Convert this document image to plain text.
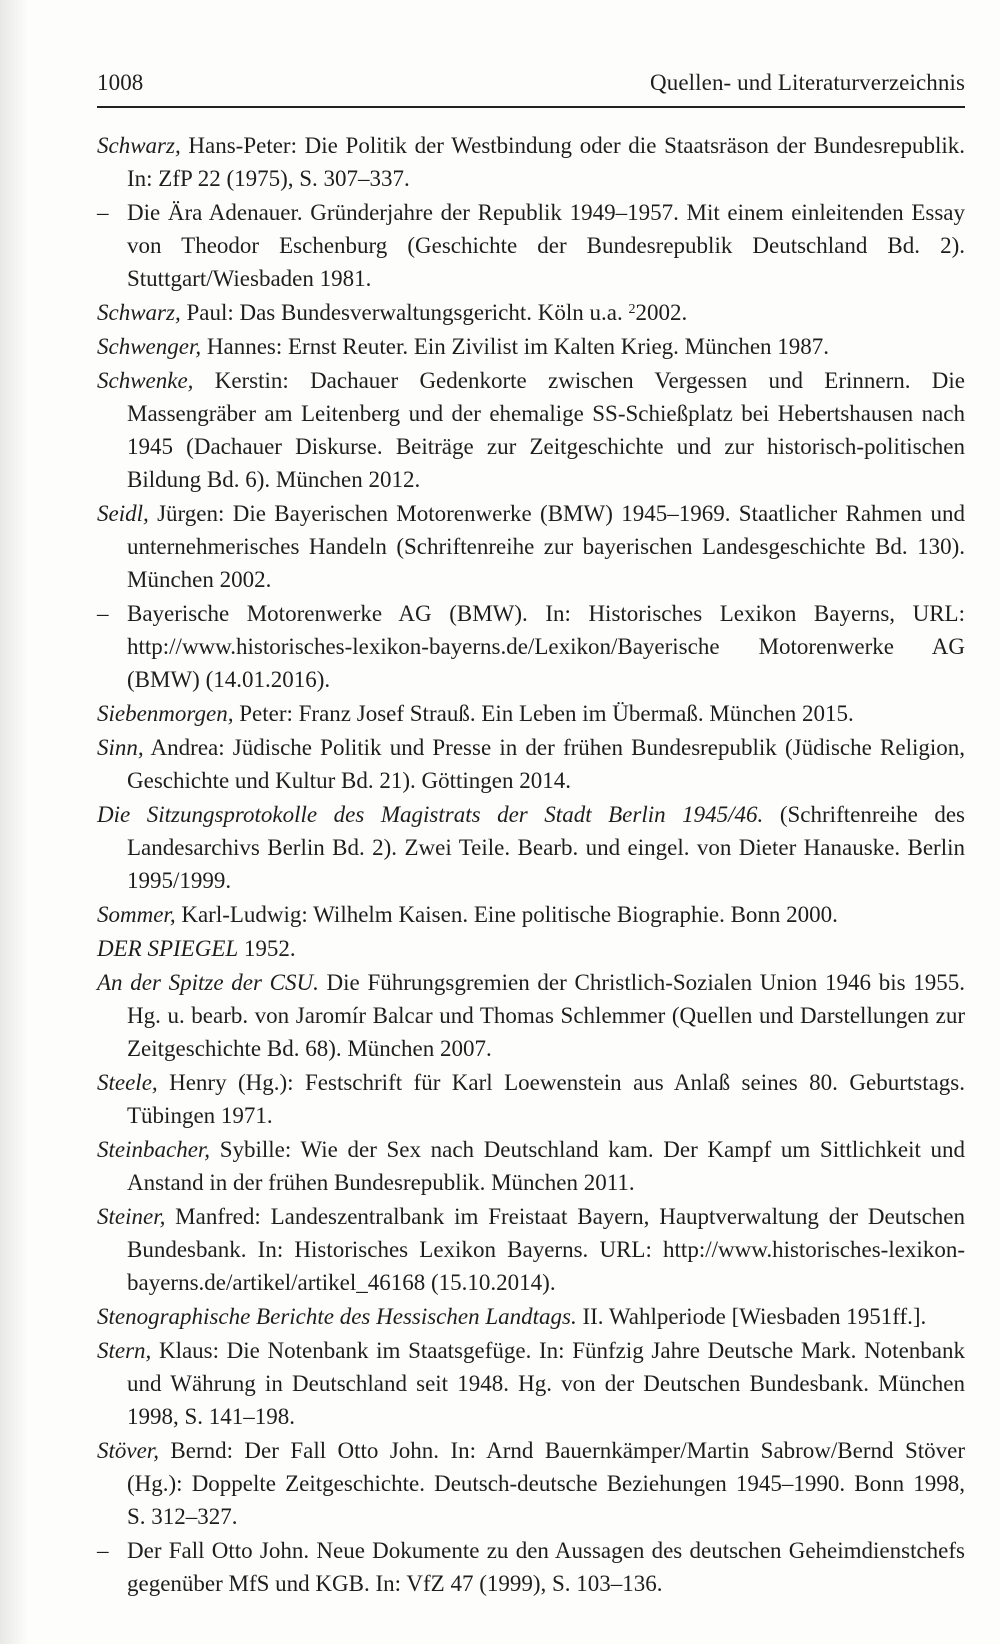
1008	Quellen- und Literaturverzeichnis

Schwarz, Hans-Peter: Die Politik der Westbindung oder die Staatsräson der Bundesrepublik. In: ZfP 22 (1975), S. 307–337.

– Die Ära Adenauer. Gründerjahre der Republik 1949–1957. Mit einem einleitenden Essay von Theodor Eschenburg (Geschichte der Bundesrepublik Deutschland Bd. 2). Stuttgart/Wiesbaden 1981.

Schwarz, Paul: Das Bundesverwaltungsgericht. Köln u.a. $^2$2002.

Schwenger, Hannes: Ernst Reuter. Ein Zivilist im Kalten Krieg. München 1987.

Schwenke, Kerstin: Dachauer Gedenkorte zwischen Vergessen und Erinnern. Die Massengräber am Leitenberg und der ehemalige SS-Schießplatz bei Hebertshausen nach 1945 (Dachauer Diskurse. Beiträge zur Zeitgeschichte und zur historisch-politischen Bildung Bd. 6). München 2012.

Seidl, Jürgen: Die Bayerischen Motorenwerke (BMW) 1945–1969. Staatlicher Rahmen und unternehmerisches Handeln (Schriftenreihe zur bayerischen Landesgeschichte Bd. 130). München 2002.

– Bayerische Motorenwerke AG (BMW). In: Historisches Lexikon Bayerns, URL: http://www.historisches-lexikon-bayerns.de/Lexikon/Bayerische Motorenwerke AG (BMW) (14.01.2016).

Siebenmorgen, Peter: Franz Josef Strauß. Ein Leben im Übermaß. München 2015.

Sinn, Andrea: Jüdische Politik und Presse in der frühen Bundesrepublik (Jüdische Religion, Geschichte und Kultur Bd. 21). Göttingen 2014.

Die Sitzungsprotokolle des Magistrats der Stadt Berlin 1945/46. (Schriftenreihe des Landesarchivs Berlin Bd. 2). Zwei Teile. Bearb. und eingel. von Dieter Hanauske. Berlin 1995/1999.

Sommer, Karl-Ludwig: Wilhelm Kaisen. Eine politische Biographie. Bonn 2000.

DER SPIEGEL 1952.

An der Spitze der CSU. Die Führungsgremien der Christlich-Sozialen Union 1946 bis 1955. Hg. u. bearb. von Jaromír Balcar und Thomas Schlemmer (Quellen und Darstellungen zur Zeitgeschichte Bd. 68). München 2007.

Steele, Henry (Hg.): Festschrift für Karl Loewenstein aus Anlaß seines 80. Geburtstags. Tübingen 1971.

Steinbacher, Sybille: Wie der Sex nach Deutschland kam. Der Kampf um Sittlichkeit und Anstand in der frühen Bundesrepublik. München 2011.

Steiner, Manfred: Landeszentralbank im Freistaat Bayern, Hauptverwaltung der Deutschen Bundesbank. In: Historisches Lexikon Bayerns. URL: http://www.historisches-lexikon-bayerns.de/artikel/artikel_46168 (15.10.2014).

Stenographische Berichte des Hessischen Landtags. II. Wahlperiode [Wiesbaden 1951ff.].

Stern, Klaus: Die Notenbank im Staatsgefüge. In: Fünfzig Jahre Deutsche Mark. Notenbank und Währung in Deutschland seit 1948. Hg. von der Deutschen Bundesbank. München 1998, S. 141–198.

Stöver, Bernd: Der Fall Otto John. In: Arnd Bauernkämper/Martin Sabrow/Bernd Stöver (Hg.): Doppelte Zeitgeschichte. Deutsch-deutsche Beziehungen 1945–1990. Bonn 1998, S. 312–327.

– Der Fall Otto John. Neue Dokumente zu den Aussagen des deutschen Geheimdienstchefs gegenüber MfS und KGB. In: VfZ 47 (1999), S. 103–136.
